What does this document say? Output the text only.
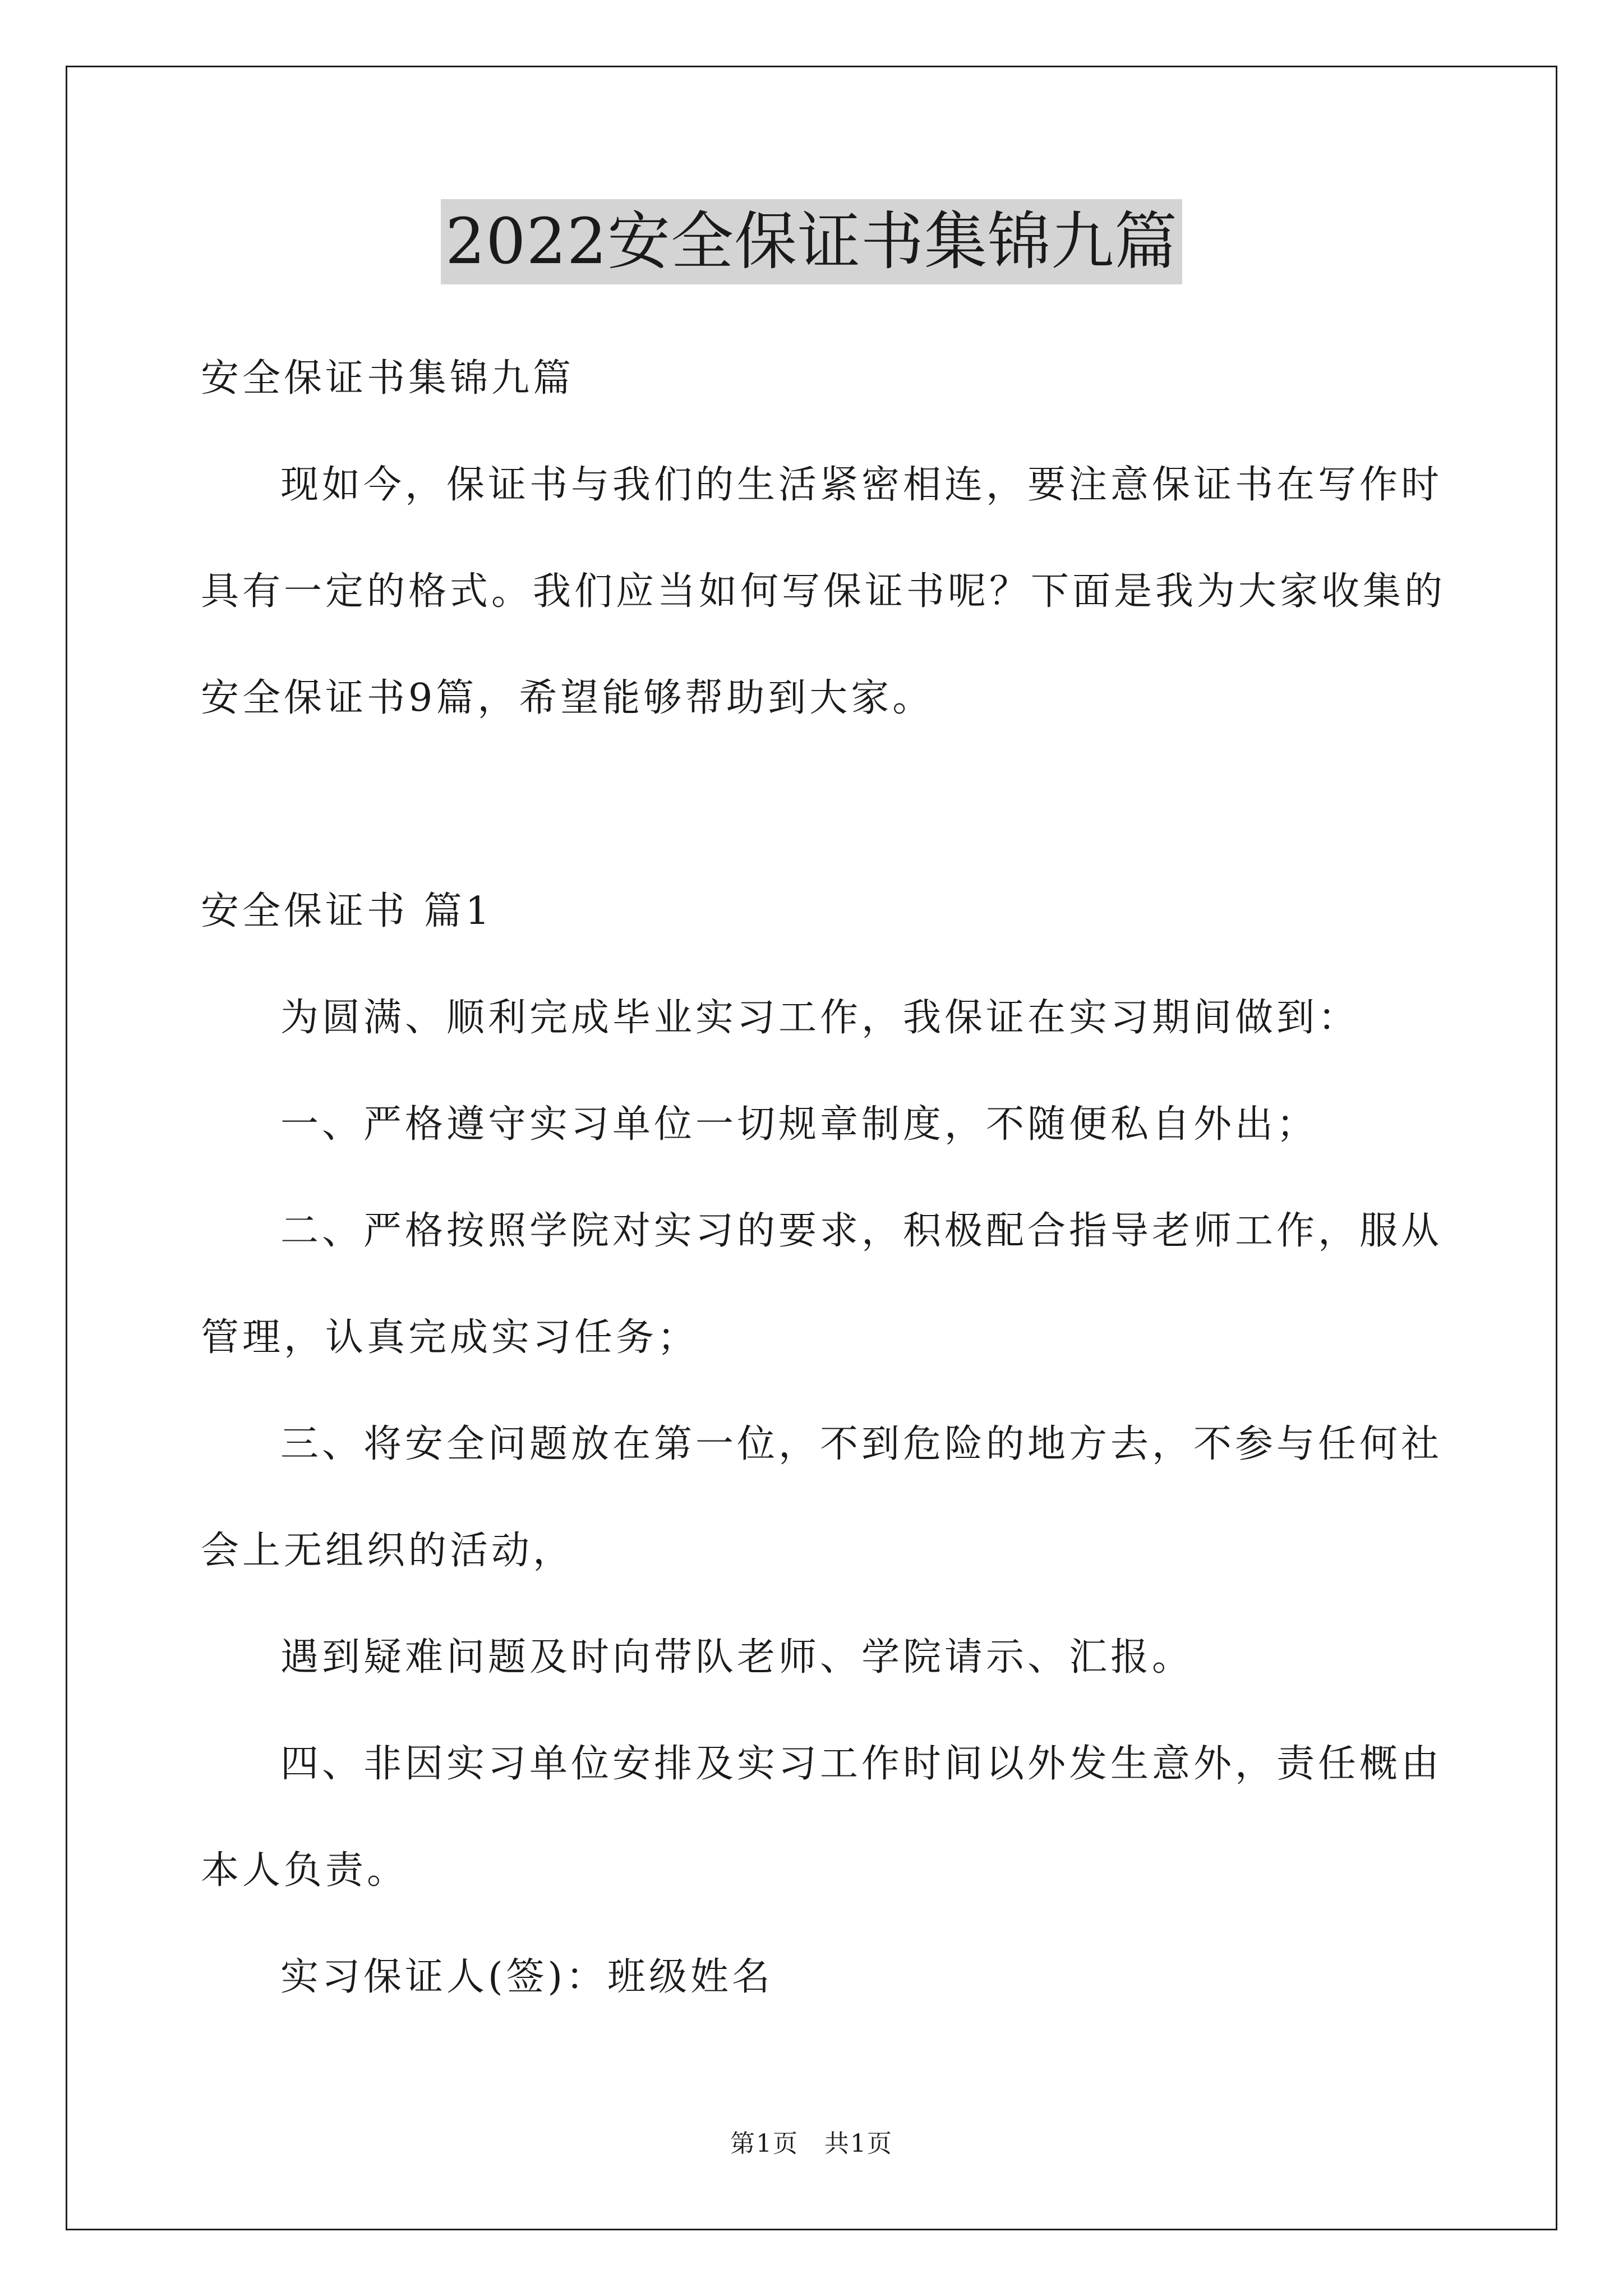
2022安全保证书集锦九篇
安全保证书集锦九篇
现如今，保证书与我们的生活紧密相连，要注意保证书在写作时
具有一定的格式。我们应当如何写保证书呢？下面是我为大家收集的
安全保证书9篇，希望能够帮助到大家。
安全保证书 篇1
为圆满、顺利完成毕业实习工作，我保证在实习期间做到：
一、严格遵守实习单位一切规章制度，不随便私自外出；
二、严格按照学院对实习的要求，积极配合指导老师工作，服从
管理，认真完成实习任务；
三、将安全问题放在第一位，不到危险的地方去，不参与任何社
会上无组织的活动，
遇到疑难问题及时向带队老师、学院请示、汇报。
四、非因实习单位安排及实习工作时间以外发生意外，责任概由
本人负责。
实习保证人(签)：班级姓名
第1页　共1页
